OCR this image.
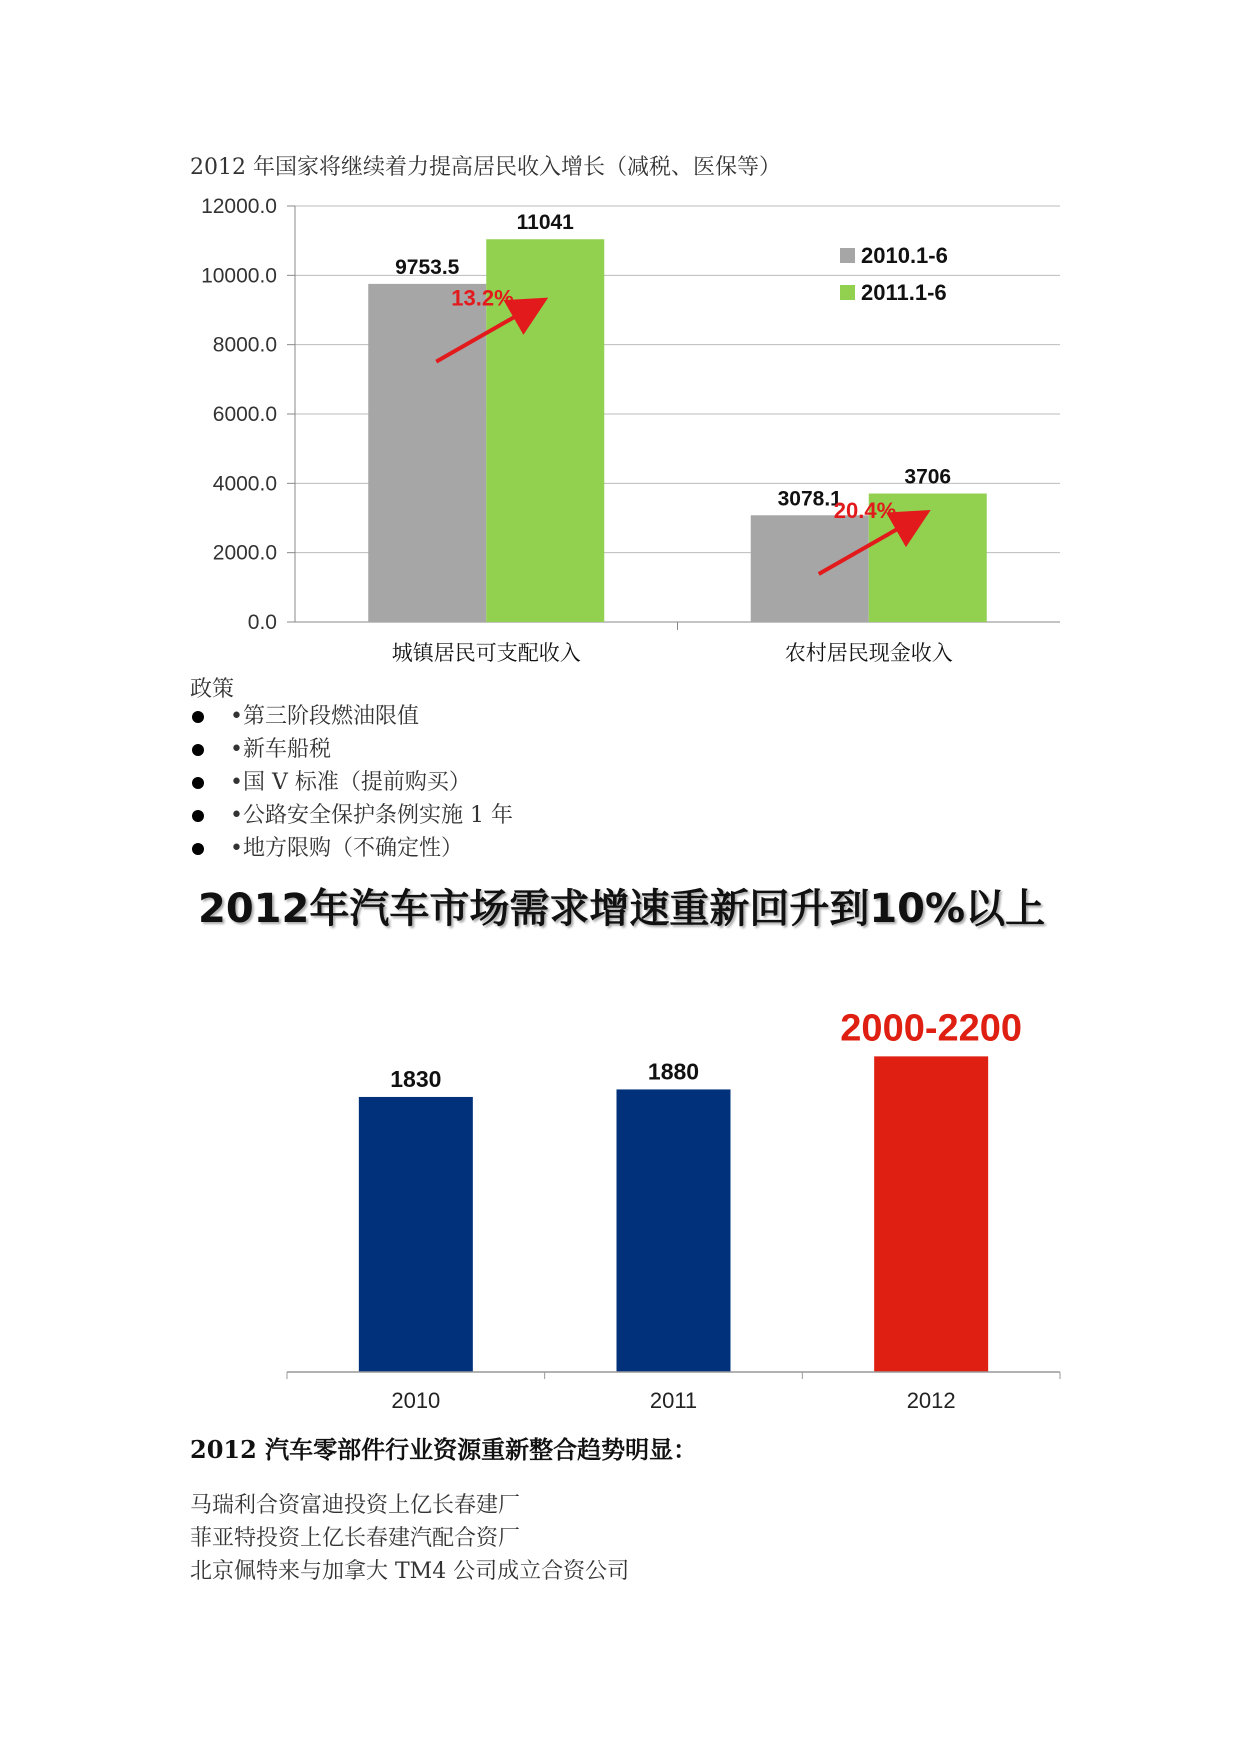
2012 年国家将继续着力提高居民收入增长（减税、医保等）
0.0
2000.0
4000.0
6000.0
8000.0
10000.0
12000.0
9753.5
11041
3078.1
3706
城镇居民可支配收入	农村居民现金收入
13.2%
20.4%
2010.1-6
2011.1-6
政策
•第三阶段燃油限值
•新车船税
•国 V 标准（提前购买）
•公路安全保护条例实施 1 年
•地方限购（不确定性）
2012年汽车市场需求增速重新回升到10%以上
1830	1880
2000-2200
2010	2011	2012
2012 汽车零部件行业资源重新整合趋势明显：
马瑞利合资富迪投资上亿长春建厂
菲亚特投资上亿长春建汽配合资厂
北京佩特来与加拿大 TM4 公司成立合资公司
